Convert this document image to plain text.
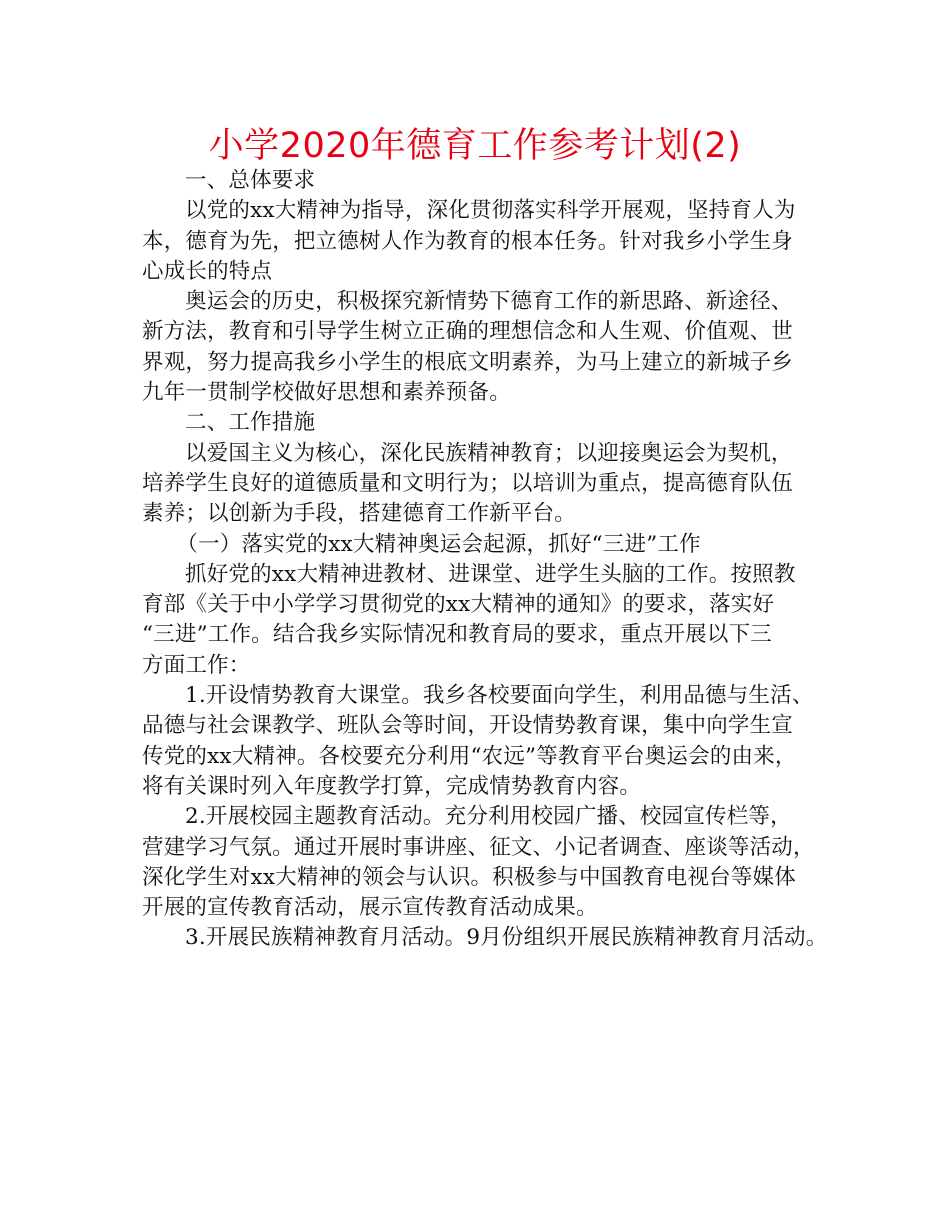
小学2020年德育工作参考计划(2)
一、总体要求
以党的xx大精神为指导，深化贯彻落实科学开展观，坚持育人为
本，德育为先，把立德树人作为教育的根本任务。针对我乡小学生身
心成长的特点
奥运会的历史，积极探究新情势下德育工作的新思路、新途径、
新方法，教育和引导学生树立正确的理想信念和人生观、价值观、世
界观，努力提高我乡小学生的根底文明素养，为马上建立的新城子乡
九年一贯制学校做好思想和素养预备。
二、工作措施
以爱国主义为核心，深化民族精神教育；以迎接奥运会为契机，
培养学生良好的道德质量和文明行为；以培训为重点，提高德育队伍
素养；以创新为手段，搭建德育工作新平台。
（一）落实党的xx大精神奥运会起源，抓好“三进”工作
抓好党的xx大精神进教材、进课堂、进学生头脑的工作。按照教
育部《关于中小学学习贯彻党的xx大精神的通知》的要求，落实好
“三进”工作。结合我乡实际情况和教育局的要求，重点开展以下三
方面工作：
1.开设情势教育大课堂。我乡各校要面向学生，利用品德与生活、
品德与社会课教学、班队会等时间，开设情势教育课，集中向学生宣
传党的xx大精神。各校要充分利用“农远”等教育平台奥运会的由来，
将有关课时列入年度教学打算，完成情势教育内容。
2.开展校园主题教育活动。充分利用校园广播、校园宣传栏等，
营建学习气氛。通过开展时事讲座、征文、小记者调查、座谈等活动，
深化学生对xx大精神的领会与认识。积极参与中国教育电视台等媒体
开展的宣传教育活动，展示宣传教育活动成果。
3.开展民族精神教育月活动。9月份组织开展民族精神教育月活动。
